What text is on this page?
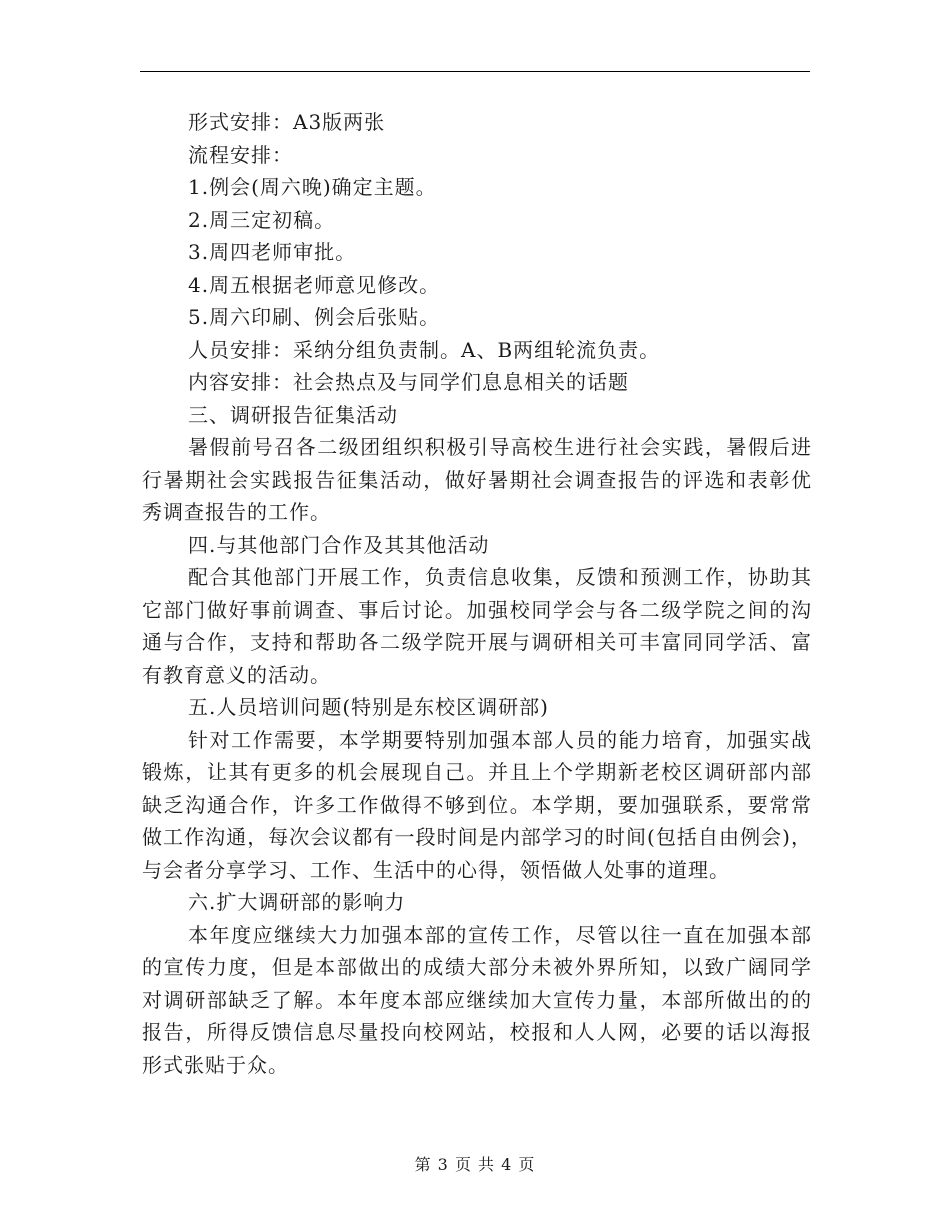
形式安排：A3版两张

流程安排：

1.例会(周六晚)确定主题。

2.周三定初稿。

3.周四老师审批。

4.周五根据老师意见修改。

5.周六印刷、例会后张贴。

人员安排：采纳分组负责制。A、B两组轮流负责。

内容安排：社会热点及与同学们息息相关的话题

三、调研报告征集活动

暑假前号召各二级团组织积极引导高校生进行社会实践，暑假后进行暑期社会实践报告征集活动，做好暑期社会调查报告的评选和表彰优秀调查报告的工作。

四.与其他部门合作及其其他活动

配合其他部门开展工作，负责信息收集，反馈和预测工作，协助其它部门做好事前调查、事后讨论。加强校同学会与各二级学院之间的沟通与合作，支持和帮助各二级学院开展与调研相关可丰富同同学活、富有教育意义的活动。

五.人员培训问题(特别是东校区调研部)

针对工作需要，本学期要特别加强本部人员的能力培育，加强实战锻炼，让其有更多的机会展现自己。并且上个学期新老校区调研部内部缺乏沟通合作，许多工作做得不够到位。本学期，要加强联系，要常常做工作沟通，每次会议都有一段时间是内部学习的时间(包括自由例会)，与会者分享学习、工作、生活中的心得，领悟做人处事的道理。

六.扩大调研部的影响力

本年度应继续大力加强本部的宣传工作，尽管以往一直在加强本部的宣传力度，但是本部做出的成绩大部分未被外界所知，以致广阔同学对调研部缺乏了解。本年度本部应继续加大宣传力量，本部所做出的的报告，所得反馈信息尽量投向校网站，校报和人人网，必要的话以海报形式张贴于众。

第 3 页 共 4 页
